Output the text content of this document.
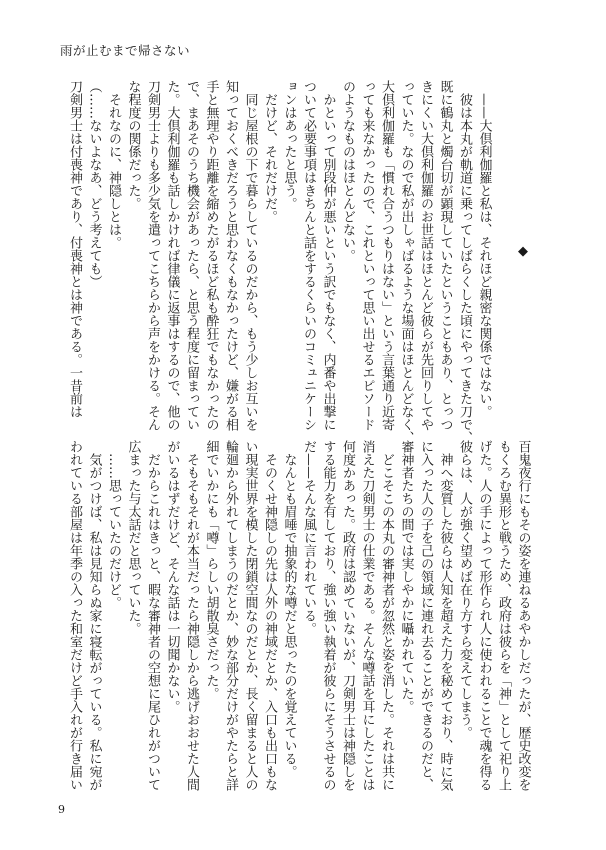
雨が止むまで帰さない
◆
　——大倶利伽羅と私は、それほど親密な関係ではない。
　彼は本丸が軌道に乗ってしばらくした頃にやってきた刀で、
既に鶴丸と燭台切が顕現していたということもあり、とっつ
きにくい大倶利伽羅のお世話はほとんど彼らが先回りしてや
っていた。なので私が出しゃばるような場面はほとんどなく、
大倶利伽羅も「慣れ合うつもりはない」という言葉通り近寄
っても来なかったので、これといって思い出せるエピソード
のようなものはほとんどない。
　かといって別段仲が悪いという訳でもなく、内番や出撃に
ついて必要事項はきちんと話をするくらいのコミュニケーシ
ョンはあったと思う。
　だけど、それだけだ。
　同じ屋根の下で暮らしているのだから、もう少しお互いを
知っておくべきだろうと思わなくもなかったけど、嫌がる相
手と無理やり距離を縮めたがるほど私も酔狂でもなかったの
で、まあそのうち機会があったら、と思う程度に留まってい
た。大倶利伽羅も話しかければ律儀に返事はするので、他の
刀剣男士よりも多少気を遣ってこちらから声をかける。そん
な程度の関係だった。
　それなのに、神隠しとは。
（……ないよなあ、どう考えても）
刀剣男士は付喪神であり、付喪神とは神である。一昔前は
百鬼夜行にもその姿を連ねるあやかしだったが、歴史改変を
もくろむ異形と戦うため、政府は彼らを「神」として祀り上
げた。人の手によって形作られ人に使われることで魂を得る
彼らは、人が強く望めば在り方すら変えてしまう。
　神へ変質した彼らは人知を超えた力を秘めており、時に気
に入った人の子を己の領域に連れ去ることができるのだと、
審神者たちの間では実しやかに囁かれていた。
　どこそこの本丸の審神者が忽然と姿を消した。それは共に
消えた刀剣男士の仕業である。そんな噂話を耳にしたことは
何度かあった。政府は認めていないが、刀剣男士は神隠しを
する能力を有しており、強い強い執着が彼らにそうさせるの
だ——そんな風に言われている。
　なんとも眉唾で抽象的な噂だと思ったのを覚えている。
　そのくせ神隠しの先は人外の神域だとか、入口も出口もな
い現実世界を模した閉鎖空間なのだとか、長く留まると人の
輪廻から外れてしまうのだとか、妙な部分だけがやたらと詳
細でいかにも「噂」らしい胡散臭さだった。
　そもそもそれが本当だったら神隠しから逃げおおせた人間
がいるはずだけど、そんな話は一切聞かない。
　だからこれはきっと、暇な審神者の空想に尾ひれがついて
広まった与太話だと思っていた。
　……思っていたのだけど。
　気がつけば、私は見知らぬ家に寝転がっている。私に宛が
われている部屋は年季の入った和室だけど手入れが行き届い
9
